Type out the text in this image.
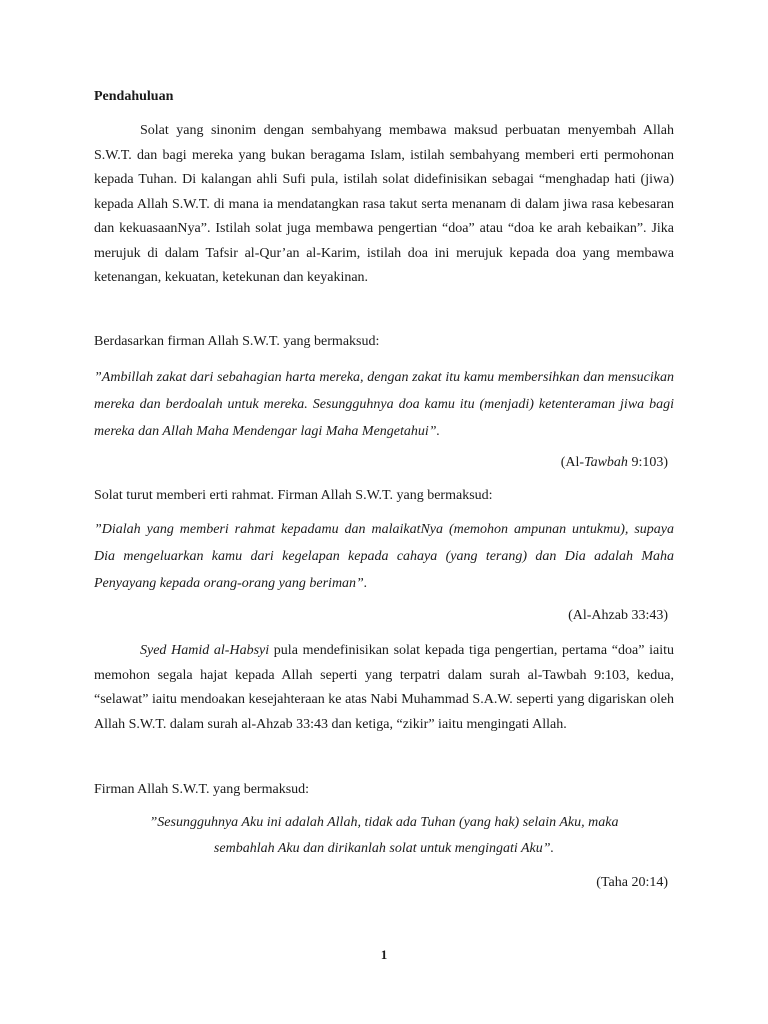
Pendahuluan

Solat yang sinonim dengan sembahyang membawa maksud perbuatan menyembah Allah S.W.T. dan bagi mereka yang bukan beragama Islam, istilah sembahyang memberi erti permohonan kepada Tuhan. Di kalangan ahli Sufi pula, istilah solat didefinisikan sebagai “menghadap hati (jiwa) kepada Allah S.W.T. di mana ia mendatangkan rasa takut serta menanam di dalam jiwa rasa kebesaran dan kekuasaanNya”. Istilah solat juga membawa pengertian “doa” atau “doa ke arah kebaikan”. Jika merujuk di dalam Tafsir al-Qur’an al-Karim, istilah doa ini merujuk kepada doa yang membawa ketenangan, kekuatan, ketekunan dan keyakinan.

Berdasarkan firman Allah S.W.T. yang bermaksud:

”Ambillah zakat dari sebahagian harta mereka, dengan zakat itu kamu membersihkan dan mensucikan mereka dan berdoalah untuk mereka. Sesungguhnya doa kamu itu (menjadi) ketenteraman jiwa bagi mereka dan Allah Maha Mendengar lagi Maha Mengetahui”.

(Al-Tawbah 9:103)

Solat turut memberi erti rahmat. Firman Allah S.W.T. yang bermaksud:

”Dialah yang memberi rahmat kepadamu dan malaikatNya (memohon ampunan untukmu), supaya Dia mengeluarkan kamu dari kegelapan kepada cahaya (yang terang) dan Dia adalah Maha Penyayang kepada orang-orang yang beriman”.

(Al-Ahzab 33:43)

Syed Hamid al-Habsyi pula mendefinisikan solat kepada tiga pengertian, pertama “doa” iaitu memohon segala hajat kepada Allah seperti yang terpatri dalam surah al-Tawbah 9:103, kedua, “selawat” iaitu mendoakan kesejahteraan ke atas Nabi Muhammad S.A.W. seperti yang digariskan oleh Allah S.W.T. dalam surah al-Ahzab 33:43 dan ketiga, “zikir” iaitu mengingati Allah.

Firman Allah S.W.T. yang bermaksud:

”Sesungguhnya Aku ini adalah Allah, tidak ada Tuhan (yang hak) selain Aku, maka
sembahlah Aku dan dirikanlah solat untuk mengingati Aku”.

(Taha 20:14)

1
